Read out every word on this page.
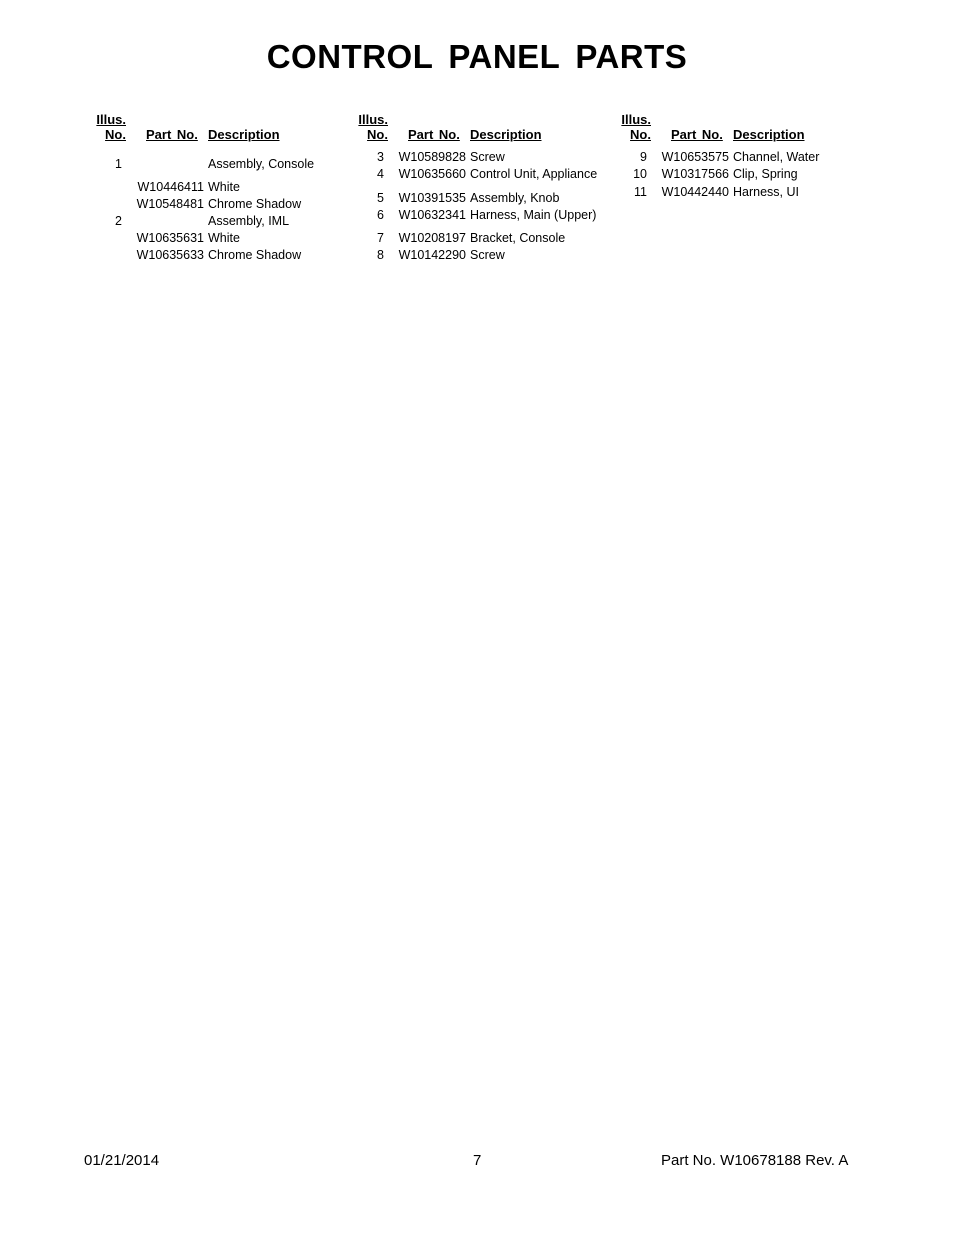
CONTROL PANEL PARTS
Illus.
No. Part No. Description
Illus.
No. Part No. Description
Illus.
No. Part No. Description
1	Assembly, Console
W10446411 White
W10548481 Chrome Shadow
2	Assembly, IML
W10635631 White
W10635633 Chrome Shadow
3 W10589828 Screw
4 W10635660 Control Unit, Appliance
5 W10391535 Assembly, Knob
6 W10632341 Harness, Main (Upper)
7 W10208197 Bracket, Console
8 W10142290 Screw
9 W10653575 Channel, Water
10 W10317566 Clip, Spring
11 W10442440 Harness, UI
01/21/2014	7	Part No. W10678188 Rev. A
